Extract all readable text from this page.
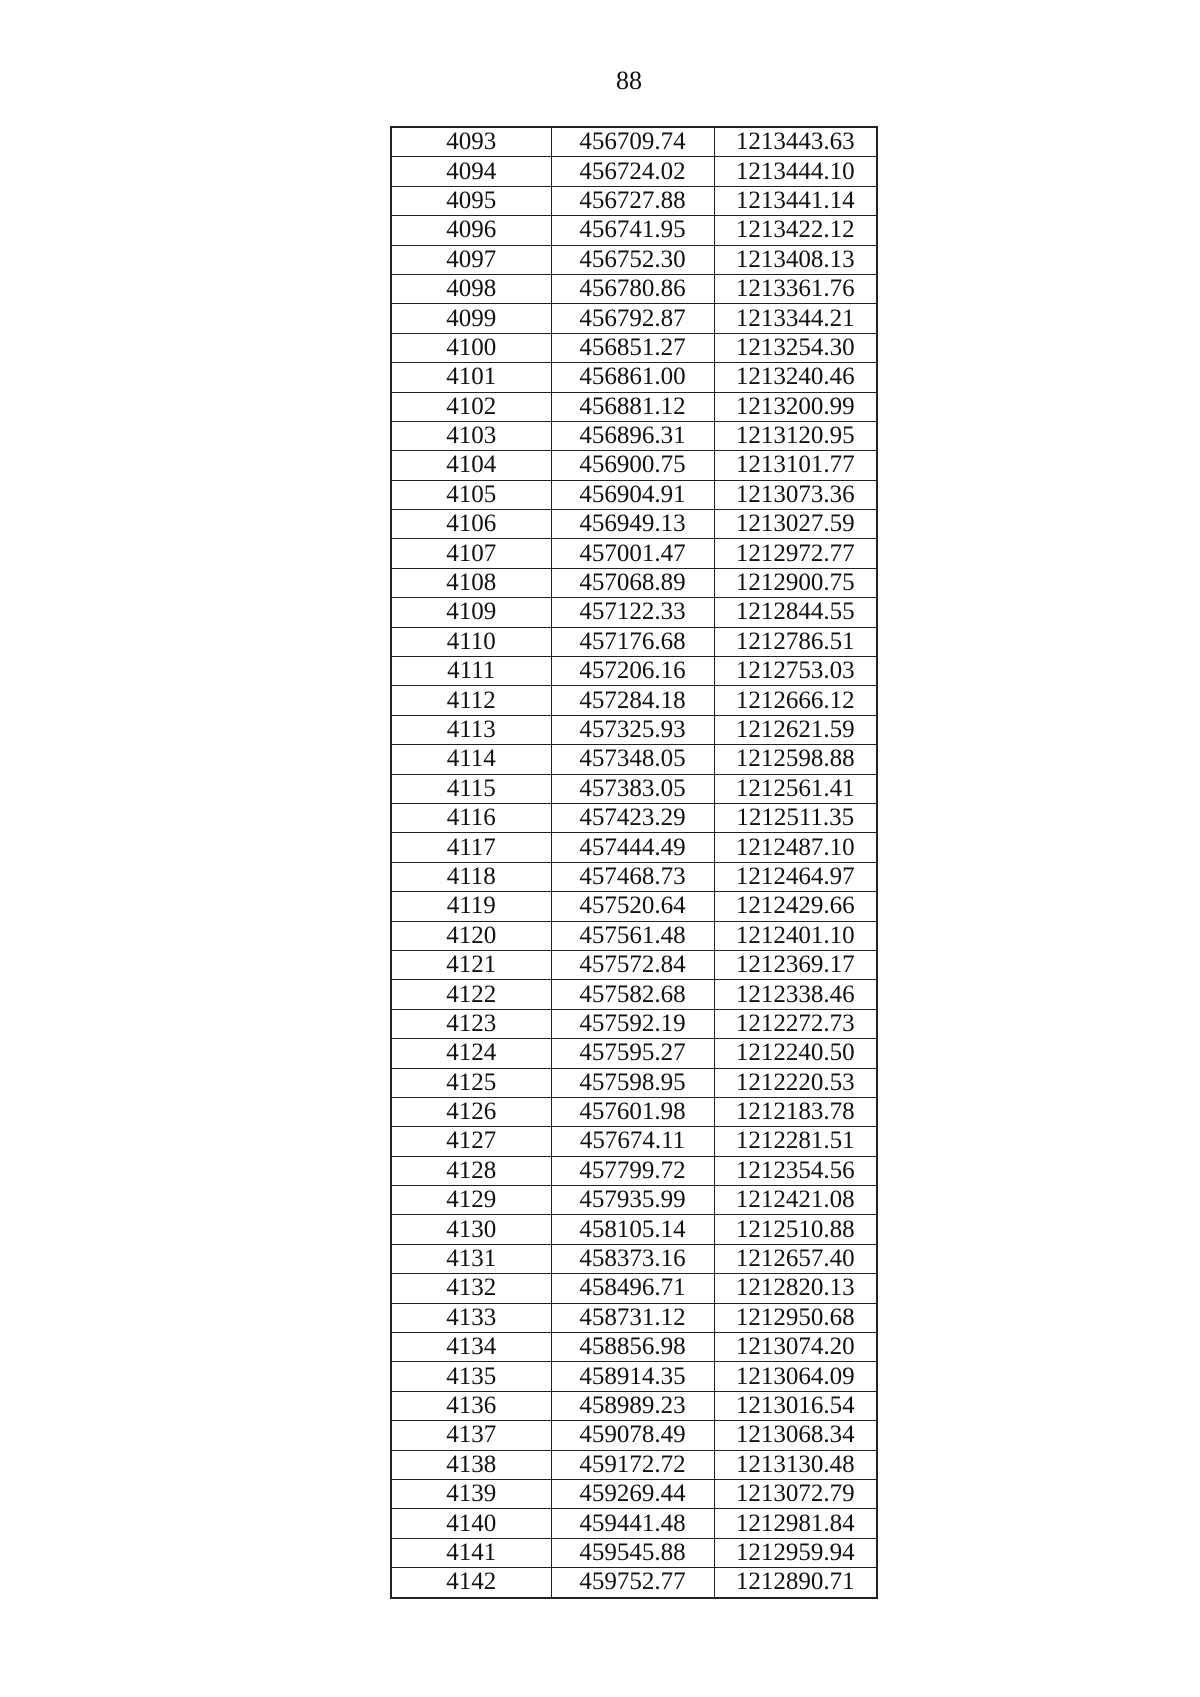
88
4093	456709.74	1213443.63
4094	456724.02	1213444.10
4095	456727.88	1213441.14
4096	456741.95	1213422.12
4097	456752.30	1213408.13
4098	456780.86	1213361.76
4099	456792.87	1213344.21
4100	456851.27	1213254.30
4101	456861.00	1213240.46
4102	456881.12	1213200.99
4103	456896.31	1213120.95
4104	456900.75	1213101.77
4105	456904.91	1213073.36
4106	456949.13	1213027.59
4107	457001.47	1212972.77
4108	457068.89	1212900.75
4109	457122.33	1212844.55
4110	457176.68	1212786.51
4111	457206.16	1212753.03
4112	457284.18	1212666.12
4113	457325.93	1212621.59
4114	457348.05	1212598.88
4115	457383.05	1212561.41
4116	457423.29	1212511.35
4117	457444.49	1212487.10
4118	457468.73	1212464.97
4119	457520.64	1212429.66
4120	457561.48	1212401.10
4121	457572.84	1212369.17
4122	457582.68	1212338.46
4123	457592.19	1212272.73
4124	457595.27	1212240.50
4125	457598.95	1212220.53
4126	457601.98	1212183.78
4127	457674.11	1212281.51
4128	457799.72	1212354.56
4129	457935.99	1212421.08
4130	458105.14	1212510.88
4131	458373.16	1212657.40
4132	458496.71	1212820.13
4133	458731.12	1212950.68
4134	458856.98	1213074.20
4135	458914.35	1213064.09
4136	458989.23	1213016.54
4137	459078.49	1213068.34
4138	459172.72	1213130.48
4139	459269.44	1213072.79
4140	459441.48	1212981.84
4141	459545.88	1212959.94
4142	459752.77	1212890.71
